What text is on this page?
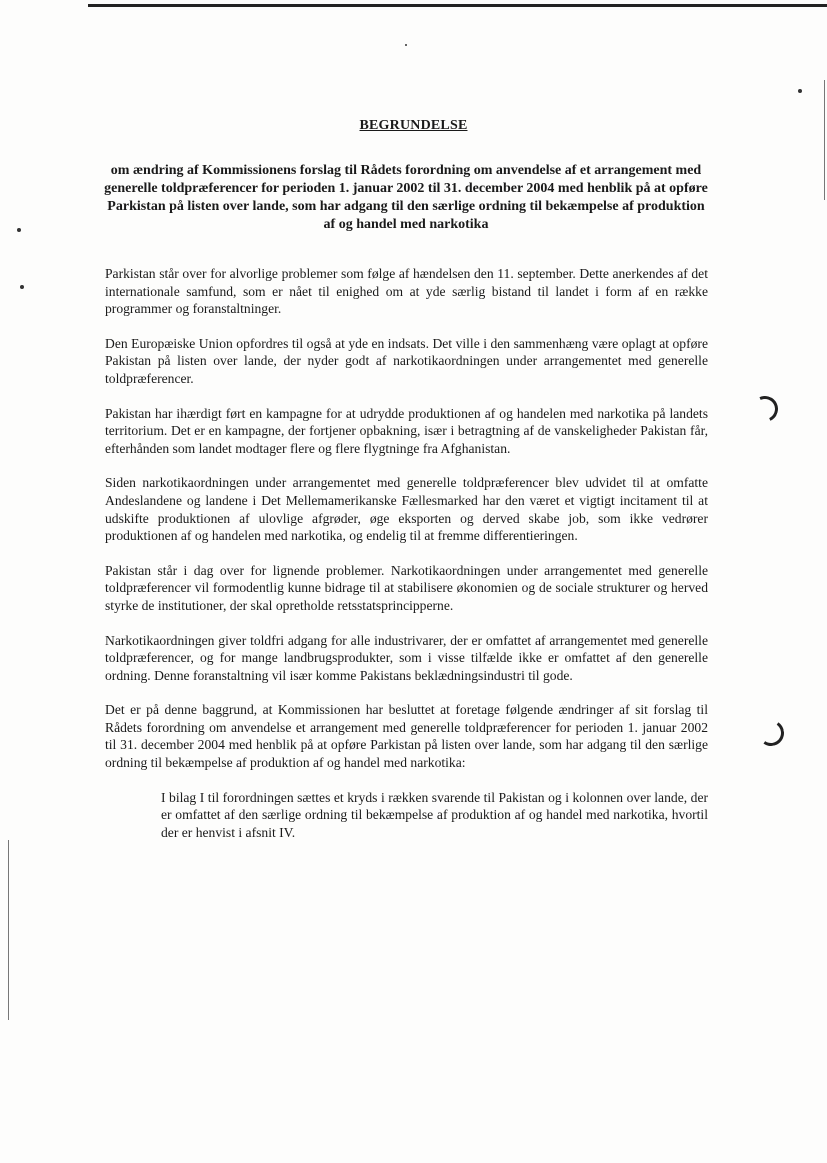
BEGRUNDELSE
om ændring af Kommissionens forslag til Rådets forordning om anvendelse af et arrangement med generelle toldpræferencer for perioden 1. januar 2002 til 31. december 2004 med henblik på at opføre Parkistan på listen over lande, som har adgang til den særlige ordning til bekæmpelse af produktion af og handel med narkotika

Parkistan står over for alvorlige problemer som følge af hændelsen den 11. september. Dette anerkendes af det internationale samfund, som er nået til enighed om at yde særlig bistand til landet i form af en række programmer og foranstaltninger.

Den Europæiske Union opfordres til også at yde en indsats. Det ville i den sammenhæng være oplagt at opføre Pakistan på listen over lande, der nyder godt af narkotikaordningen under arrangementet med generelle toldpræferencer.

Pakistan har ihærdigt ført en kampagne for at udrydde produktionen af og handelen med narkotika på landets territorium. Det er en kampagne, der fortjener opbakning, især i betragtning af de vanskeligheder Pakistan får, efterhånden som landet modtager flere og flere flygtninge fra Afghanistan.

Siden narkotikaordningen under arrangementet med generelle toldpræferencer blev udvidet til at omfatte Andeslandene og landene i Det Mellemamerikanske Fællesmarked har den været et vigtigt incitament til at udskifte produktionen af ulovlige afgrøder, øge eksporten og derved skabe job, som ikke vedrører produktionen af og handelen med narkotika, og endelig til at fremme differentieringen.

Pakistan står i dag over for lignende problemer. Narkotikaordningen under arrangementet med generelle toldpræferencer vil formodentlig kunne bidrage til at stabilisere økonomien og de sociale strukturer og herved styrke de institutioner, der skal opretholde retsstatsprincipperne.

Narkotikaordningen giver toldfri adgang for alle industrivarer, der er omfattet af arrangementet med generelle toldpræferencer, og for mange landbrugsprodukter, som i visse tilfælde ikke er omfattet af den generelle ordning. Denne foranstaltning vil især komme Pakistans beklædningsindustri til gode.

Det er på denne baggrund, at Kommissionen har besluttet at foretage følgende ændringer af sit forslag til Rådets forordning om anvendelse et arrangement med generelle toldpræferencer for perioden 1. januar 2002 til 31. december 2004 med henblik på at opføre Parkistan på listen over lande, som har adgang til den særlige ordning til bekæmpelse af produktion af og handel med narkotika:

I bilag I til forordningen sættes et kryds i rækken svarende til Pakistan og i kolonnen over lande, der er omfattet af den særlige ordning til bekæmpelse af produktion af og handel med narkotika, hvortil der er henvist i afsnit IV.
